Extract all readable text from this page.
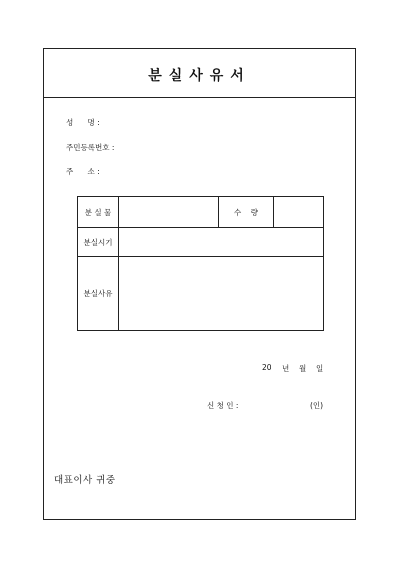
분실사유서
성      명 :
주민등록번호 :
주      소 :
분 실 물	수    량
분실시기
분실사유
20 년 월 일
신 청 인 :	(인)
대표이사 귀중
